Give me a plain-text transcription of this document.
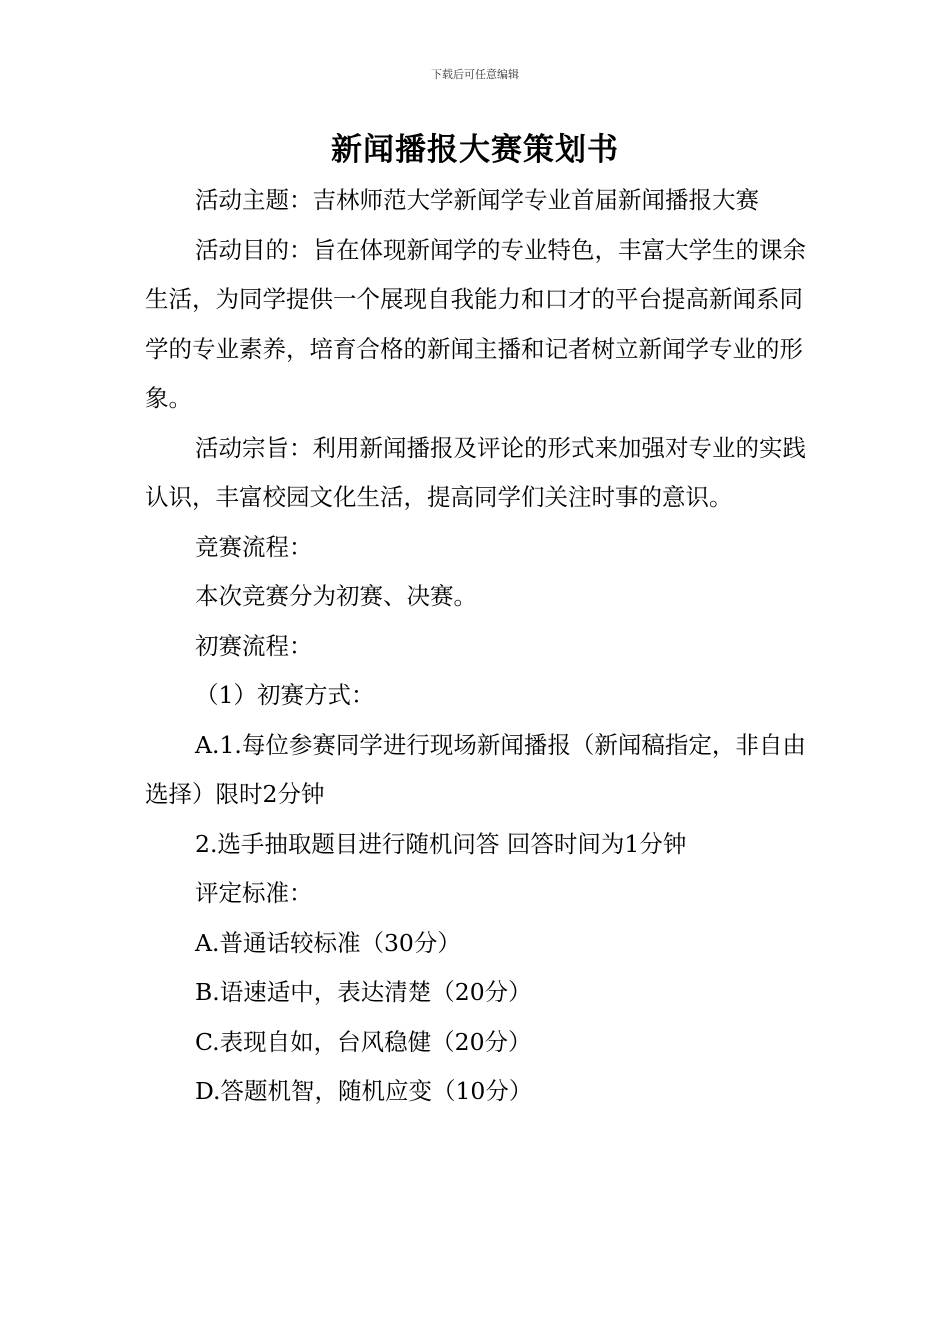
下载后可任意编辑
新闻播报大赛策划书

活动主题：吉林师范大学新闻学专业首届新闻播报大赛

活动目的：旨在体现新闻学的专业特色，丰富大学生的课余生活，为同学提供一个展现自我能力和口才的平台提高新闻系同学的专业素养，培育合格的新闻主播和记者树立新闻学专业的形象。

活动宗旨：利用新闻播报及评论的形式来加强对专业的实践认识，丰富校园文化生活，提高同学们关注时事的意识。

竞赛流程：

本次竞赛分为初赛、决赛。

初赛流程：

（1）初赛方式：

A.1.每位参赛同学进行现场新闻播报（新闻稿指定，非自由选择）限时2分钟

2.选手抽取题目进行随机问答 回答时间为1分钟

评定标准：

A.普通话较标准（30分）

B.语速适中，表达清楚（20分）

C.表现自如，台风稳健（20分）

D.答题机智，随机应变（10分）
